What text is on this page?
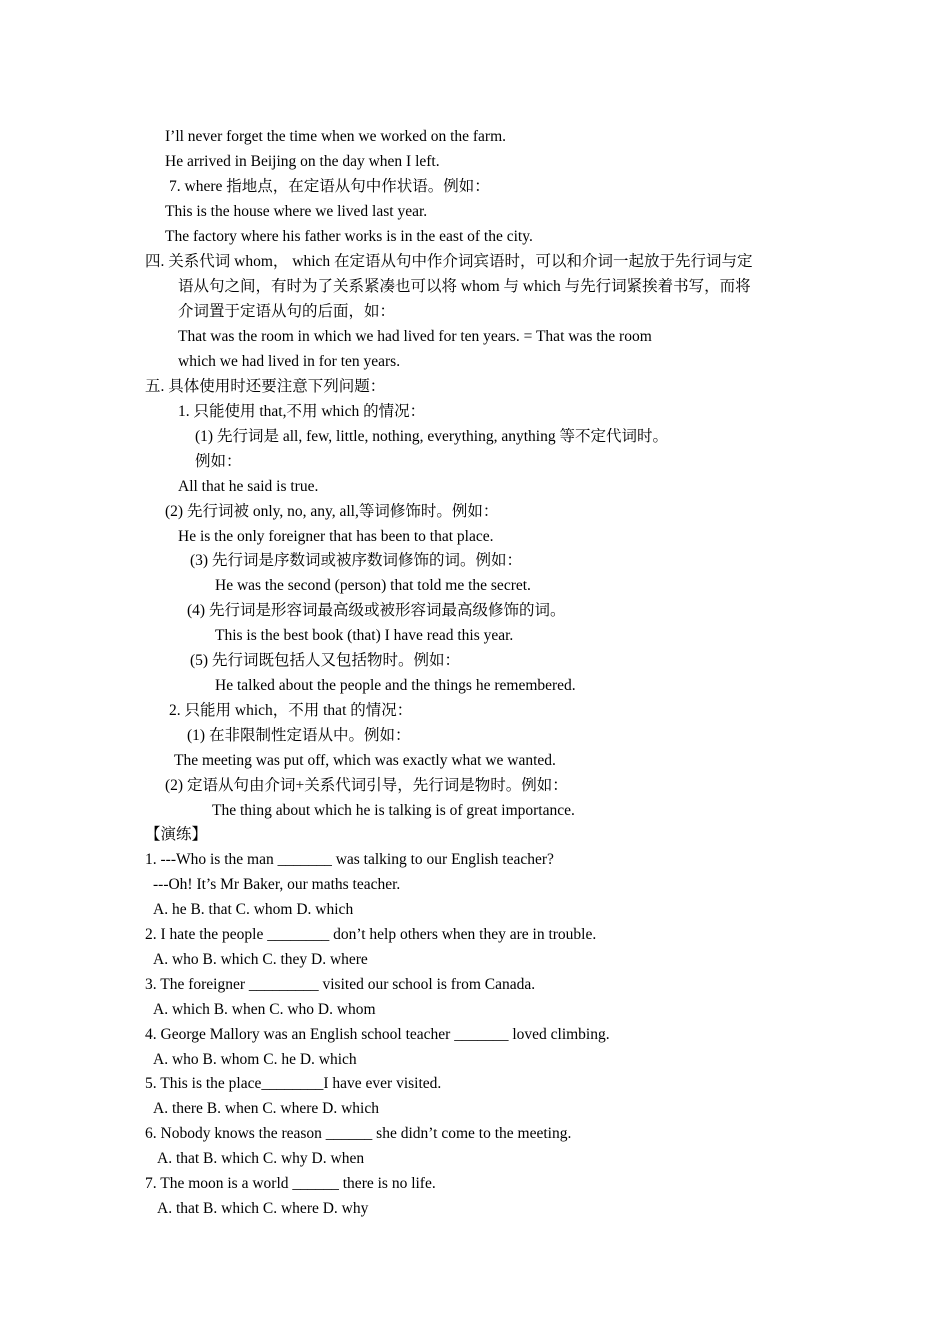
I’ll never forget the time when we worked on the farm.
He arrived in Beijing on the day when I left.
7. where 指地点，在定语从句中作状语。例如：
This is the house where we lived last year.
The factory where his father works is in the east of the city.
四. 关系代词 whom， which 在定语从句中作介词宾语时，可以和介词一起放于先行词与定
语从句之间，有时为了关系紧凑也可以将 whom 与 which 与先行词紧挨着书写，而将
介词置于定语从句的后面，如：
That was the room in which we had lived for ten years. = That was the room
which we had lived in for ten years.
五. 具体使用时还要注意下列问题：
1. 只能使用 that,不用 which 的情况：
(1) 先行词是 all, few, little, nothing, everything, anything 等不定代词时。
例如：
All that he said is true.
(2) 先行词被 only, no, any, all,等词修饰时。例如：
He is the only foreigner that has been to that place.
(3) 先行词是序数词或被序数词修饰的词。例如：
He was the second (person) that told me the secret.
(4) 先行词是形容词最高级或被形容词最高级修饰的词。
This is the best book (that) I have read this year.
(5) 先行词既包括人又包括物时。例如：
He talked about the people and the things he remembered.
2. 只能用 which，不用 that 的情况：
(1) 在非限制性定语从中。例如：
The meeting was put off, which was exactly what we wanted.
(2) 定语从句由介词+关系代词引导，先行词是物时。例如：
The thing about which he is talking is of great importance.
【演练】
1. ---Who is the man _______ was talking to our English teacher?
---Oh! It’s Mr Baker, our maths teacher.
A. he B. that C. whom D. which
2. I hate the people ________ don’t help others when they are in trouble.
A. who B. which C. they D. where
3. The foreigner _________ visited our school is from Canada.
A. which B. when C. who D. whom
4. George Mallory was an English school teacher _______ loved climbing.
A. who B. whom C. he D. which
5. This is the place________I have ever visited.
A. there B. when C. where D. which
6. Nobody knows the reason ______ she didn’t come to the meeting.
A. that B. which C. why D. when
7. The moon is a world ______ there is no life.
A. that B. which C. where D. why
